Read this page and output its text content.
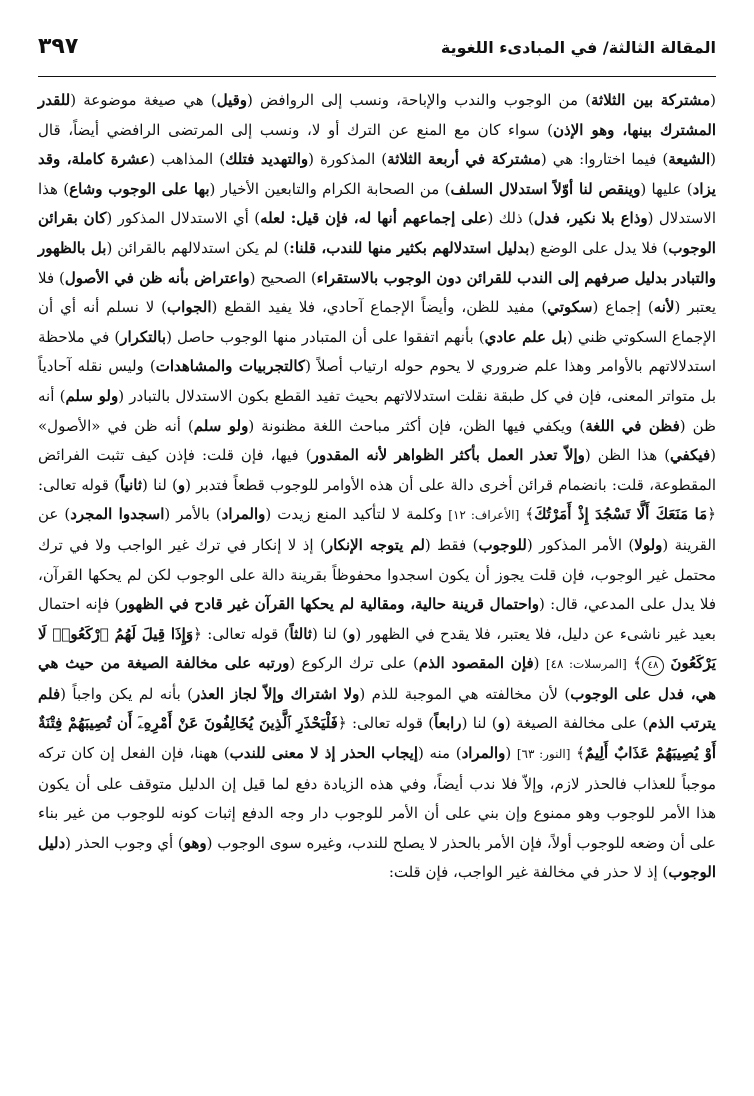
المقالة الثالثة/ في المبادىء اللغوية
٣٩٧

(مشتركة بين الثلاثة) من الوجوب والندب والإباحة، ونسب إلى الروافض (وقيل) هي صيغة موضوعة (للقدر المشترك بينها، وهو الإذن) سواء كان مع المنع عن الترك أو لا، ونسب إلى المرتضى الرافضي أيضاً، قال (الشيعة) فيما اختاروا: هي (مشتركة في أربعة الثلاثة) المذكورة (والتهديد فتلك) المذاهب (عشرة كاملة، وقد يزاد) عليها (وينقص لنا أوّلاً استدلال السلف) من الصحابة الكرام والتابعين الأخيار (بها على الوجوب وشاع) هذا الاستدلال (وذاع بلا نكير، فدل) ذلك (على إجماعهم أنها له، فإن قيل: لعله) أي الاستدلال المذكور (كان بقرائن الوجوب) فلا يدل على الوضع (بدليل استدلالهم بكثير منها للندب، قلنا:) لم يكن استدلالهم بالقرائن (بل بالظهور والتبادر بدليل صرفهم إلى الندب للقرائن دون الوجوب بالاستقراء) الصحيح (واعتراض بأنه ظن في الأصول) فلا يعتبر (لأنه) إجماع (سكوتي) مفيد للظن، وأيضاً الإجماع آحادي، فلا يفيد القطع (الجواب) لا نسلم أنه أي أن الإجماع السكوتي ظني (بل علم عادي) بأنهم اتفقوا على أن المتبادر منها الوجوب حاصل (بالتكرار) في ملاحظة استدلالاتهم بالأوامر وهذا علم ضروري لا يحوم حوله ارتياب أصلاً (كالتجربيات والمشاهدات) وليس نقله آحادياً بل متواتر المعنى، فإن في كل طبقة نقلت استدلالاتهم بحيث تفيد القطع بكون الاستدلال بالتبادر (ولو سلم) أنه ظن (فظن في اللغة) ويكفي فيها الظن، فإن أكثر مباحث اللغة مظنونة (ولو سلم) أنه ظن في «الأصول» (فيكفي) هذا الظن (وإلاّ تعذر العمل بأكثر الظواهر لأنه المقدور) فيها، فإن قلت: فإذن كيف تثبت الفرائض المقطوعة، قلت: بانضمام قرائن أخرى دالة على أن هذه الأوامر للوجوب قطعاً فتدبر (و) لنا (ثانياً) قوله تعالى: ﴿مَا مَنَعَكَ أَلَّا تَسْجُدَ إِذْ أَمَرْتُكَ﴾ [الأعراف: ١٢] وكلمة لا لتأكيد المنع زيدت (والمراد) بالأمر (اسجدوا المجرد) عن القرينة (ولولا) الأمر المذكور (للوجوب) فقط (لم يتوجه الإنكار) إذ لا إنكار في ترك غير الواجب ولا في ترك محتمل غير الوجوب، فإن قلت يجوز أن يكون اسجدوا محفوظاً بقرينة دالة على الوجوب لكن لم يحكها القرآن، فلا يدل على المدعي، قال: (واحتمال قرينة حالية، ومقالية لم يحكها القرآن غير قادح في الظهور) فإنه احتمال بعيد غير ناشىء عن دليل، فلا يعتبر، فلا يقدح في الظهور (و) لنا (ثالثاً) قوله تعالى: ﴿وَإِذَا قِيلَ لَهُمُ ٱرْكَعُوا۟ لَا يَرْكَعُونَ ٤٨﴾ [المرسلات: ٤٨] (فإن المقصود الذم) على ترك الركوع (ورتبه على مخالفة الصيغة من حيث هي هي، فدل على الوجوب) لأن مخالفته هي الموجبة للذم (ولا اشتراك وإلاّ لجاز العذر) بأنه لم يكن واجباً (فلم يترتب الذم) على مخالفة الصيغة (و) لنا (رابعاً) قوله تعالى: ﴿فَلْيَحْذَرِ ٱلَّذِينَ يُخَالِفُونَ عَنْ أَمْرِهِۦٓ أَن تُصِيبَهُمْ فِتْنَةٌ أَوْ يُصِيبَهُمْ عَذَابٌ أَلِيمٌ﴾ [النور: ٦٣] (والمراد) منه (إيجاب الحذر إذ لا معنى للندب) ههنا، فإن الفعل إن كان تركه موجباً للعذاب فالحذر لازم، وإلاّ فلا ندب أيضاً، وفي هذه الزيادة دفع لما قيل إن الدليل متوقف على أن يكون هذا الأمر للوجوب وهو ممنوع وإن بني على أن الأمر للوجوب دار وجه الدفع إثبات كونه للوجوب من غير بناء على أن وضعه للوجوب أولاً، فإن الأمر بالحذر لا يصلح للندب، وغيره سوى الوجوب (وهو) أي وجوب الحذر (دليل الوجوب) إذ لا حذر في مخالفة غير الواجب، فإن قلت:
